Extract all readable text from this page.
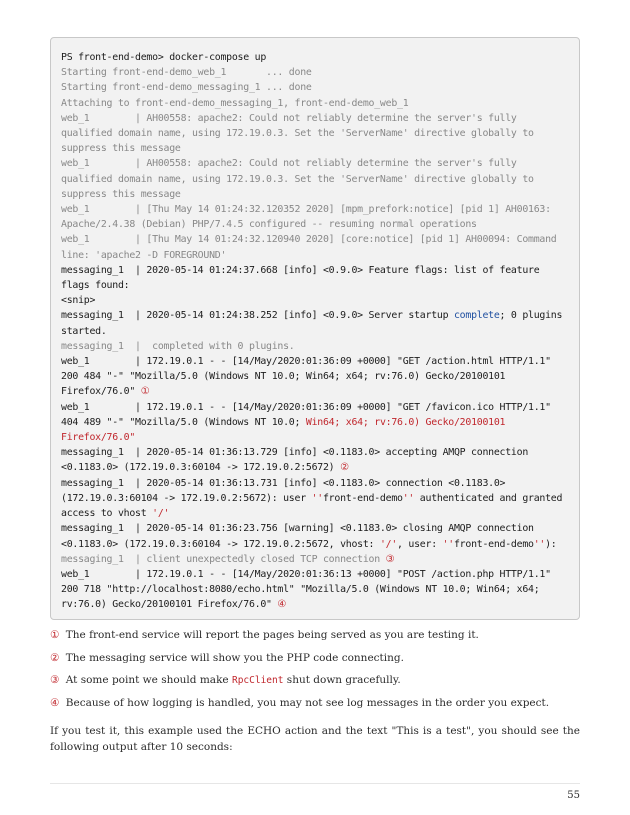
PS front-end-demo> docker-compose up
Starting front-end-demo_web_1       ... done
Starting front-end-demo_messaging_1 ... done
Attaching to front-end-demo_messaging_1, front-end-demo_web_1
web_1        | AH00558: apache2: Could not reliably determine the server's fully qualified domain name, using 172.19.0.3. Set the 'ServerName' directive globally to suppress this message
web_1        | AH00558: apache2: Could not reliably determine the server's fully qualified domain name, using 172.19.0.3. Set the 'ServerName' directive globally to suppress this message
web_1        | [Thu May 14 01:24:32.120352 2020] [mpm_prefork:notice] [pid 1] AH00163: Apache/2.4.38 (Debian) PHP/7.4.5 configured -- resuming normal operations
web_1        | [Thu May 14 01:24:32.120940 2020] [core:notice] [pid 1] AH00094: Command line: 'apache2 -D FOREGROUND'
messaging_1  | 2020-05-14 01:24:37.668 [info] <0.9.0> Feature flags: list of feature flags found:
<snip>
messaging_1  | 2020-05-14 01:24:38.252 [info] <0.9.0> Server startup complete; 0 plugins started.
messaging_1  |  completed with 0 plugins.
web_1        | 172.19.0.1 - - [14/May/2020:01:36:09 +0000] "GET /action.html HTTP/1.1" 200 484 "-" "Mozilla/5.0 (Windows NT 10.0; Win64; x64; rv:76.0) Gecko/20100101 Firefox/76.0" ①
web_1        | 172.19.0.1 - - [14/May/2020:01:36:09 +0000] "GET /favicon.ico HTTP/1.1" 404 489 "-" "Mozilla/5.0 (Windows NT 10.0; Win64; x64; rv:76.0) Gecko/20100101 Firefox/76.0"
messaging_1  | 2020-05-14 01:36:13.729 [info] <0.1183.0> accepting AMQP connection <0.1183.0> (172.19.0.3:60104 -> 172.19.0.2:5672) ②
messaging_1  | 2020-05-14 01:36:13.731 [info] <0.1183.0> connection <0.1183.0> (172.19.0.3:60104 -> 172.19.0.2:5672): user ''front-end-demo'' authenticated and granted access to vhost '/'
messaging_1  | 2020-05-14 01:36:23.756 [warning] <0.1183.0> closing AMQP connection <0.1183.0> (172.19.0.3:60104 -> 172.19.0.2:5672, vhost: '/', user: ''front-end-demo''):
messaging_1  | client unexpectedly closed TCP connection ③
web_1        | 172.19.0.1 - - [14/May/2020:01:36:13 +0000] "POST /action.php HTTP/1.1" 200 718 "http://localhost:8080/echo.html" "Mozilla/5.0 (Windows NT 10.0; Win64; x64; rv:76.0) Gecko/20100101 Firefox/76.0" ④
① The front-end service will report the pages being served as you are testing it.
② The messaging service will show you the PHP code connecting.
③ At some point we should make RpcClient shut down gracefully.
④ Because of how logging is handled, you may not see log messages in the order you expect.
If you test it, this example used the ECHO action and the text "This is a test", you should see the following output after 10 seconds:
55
